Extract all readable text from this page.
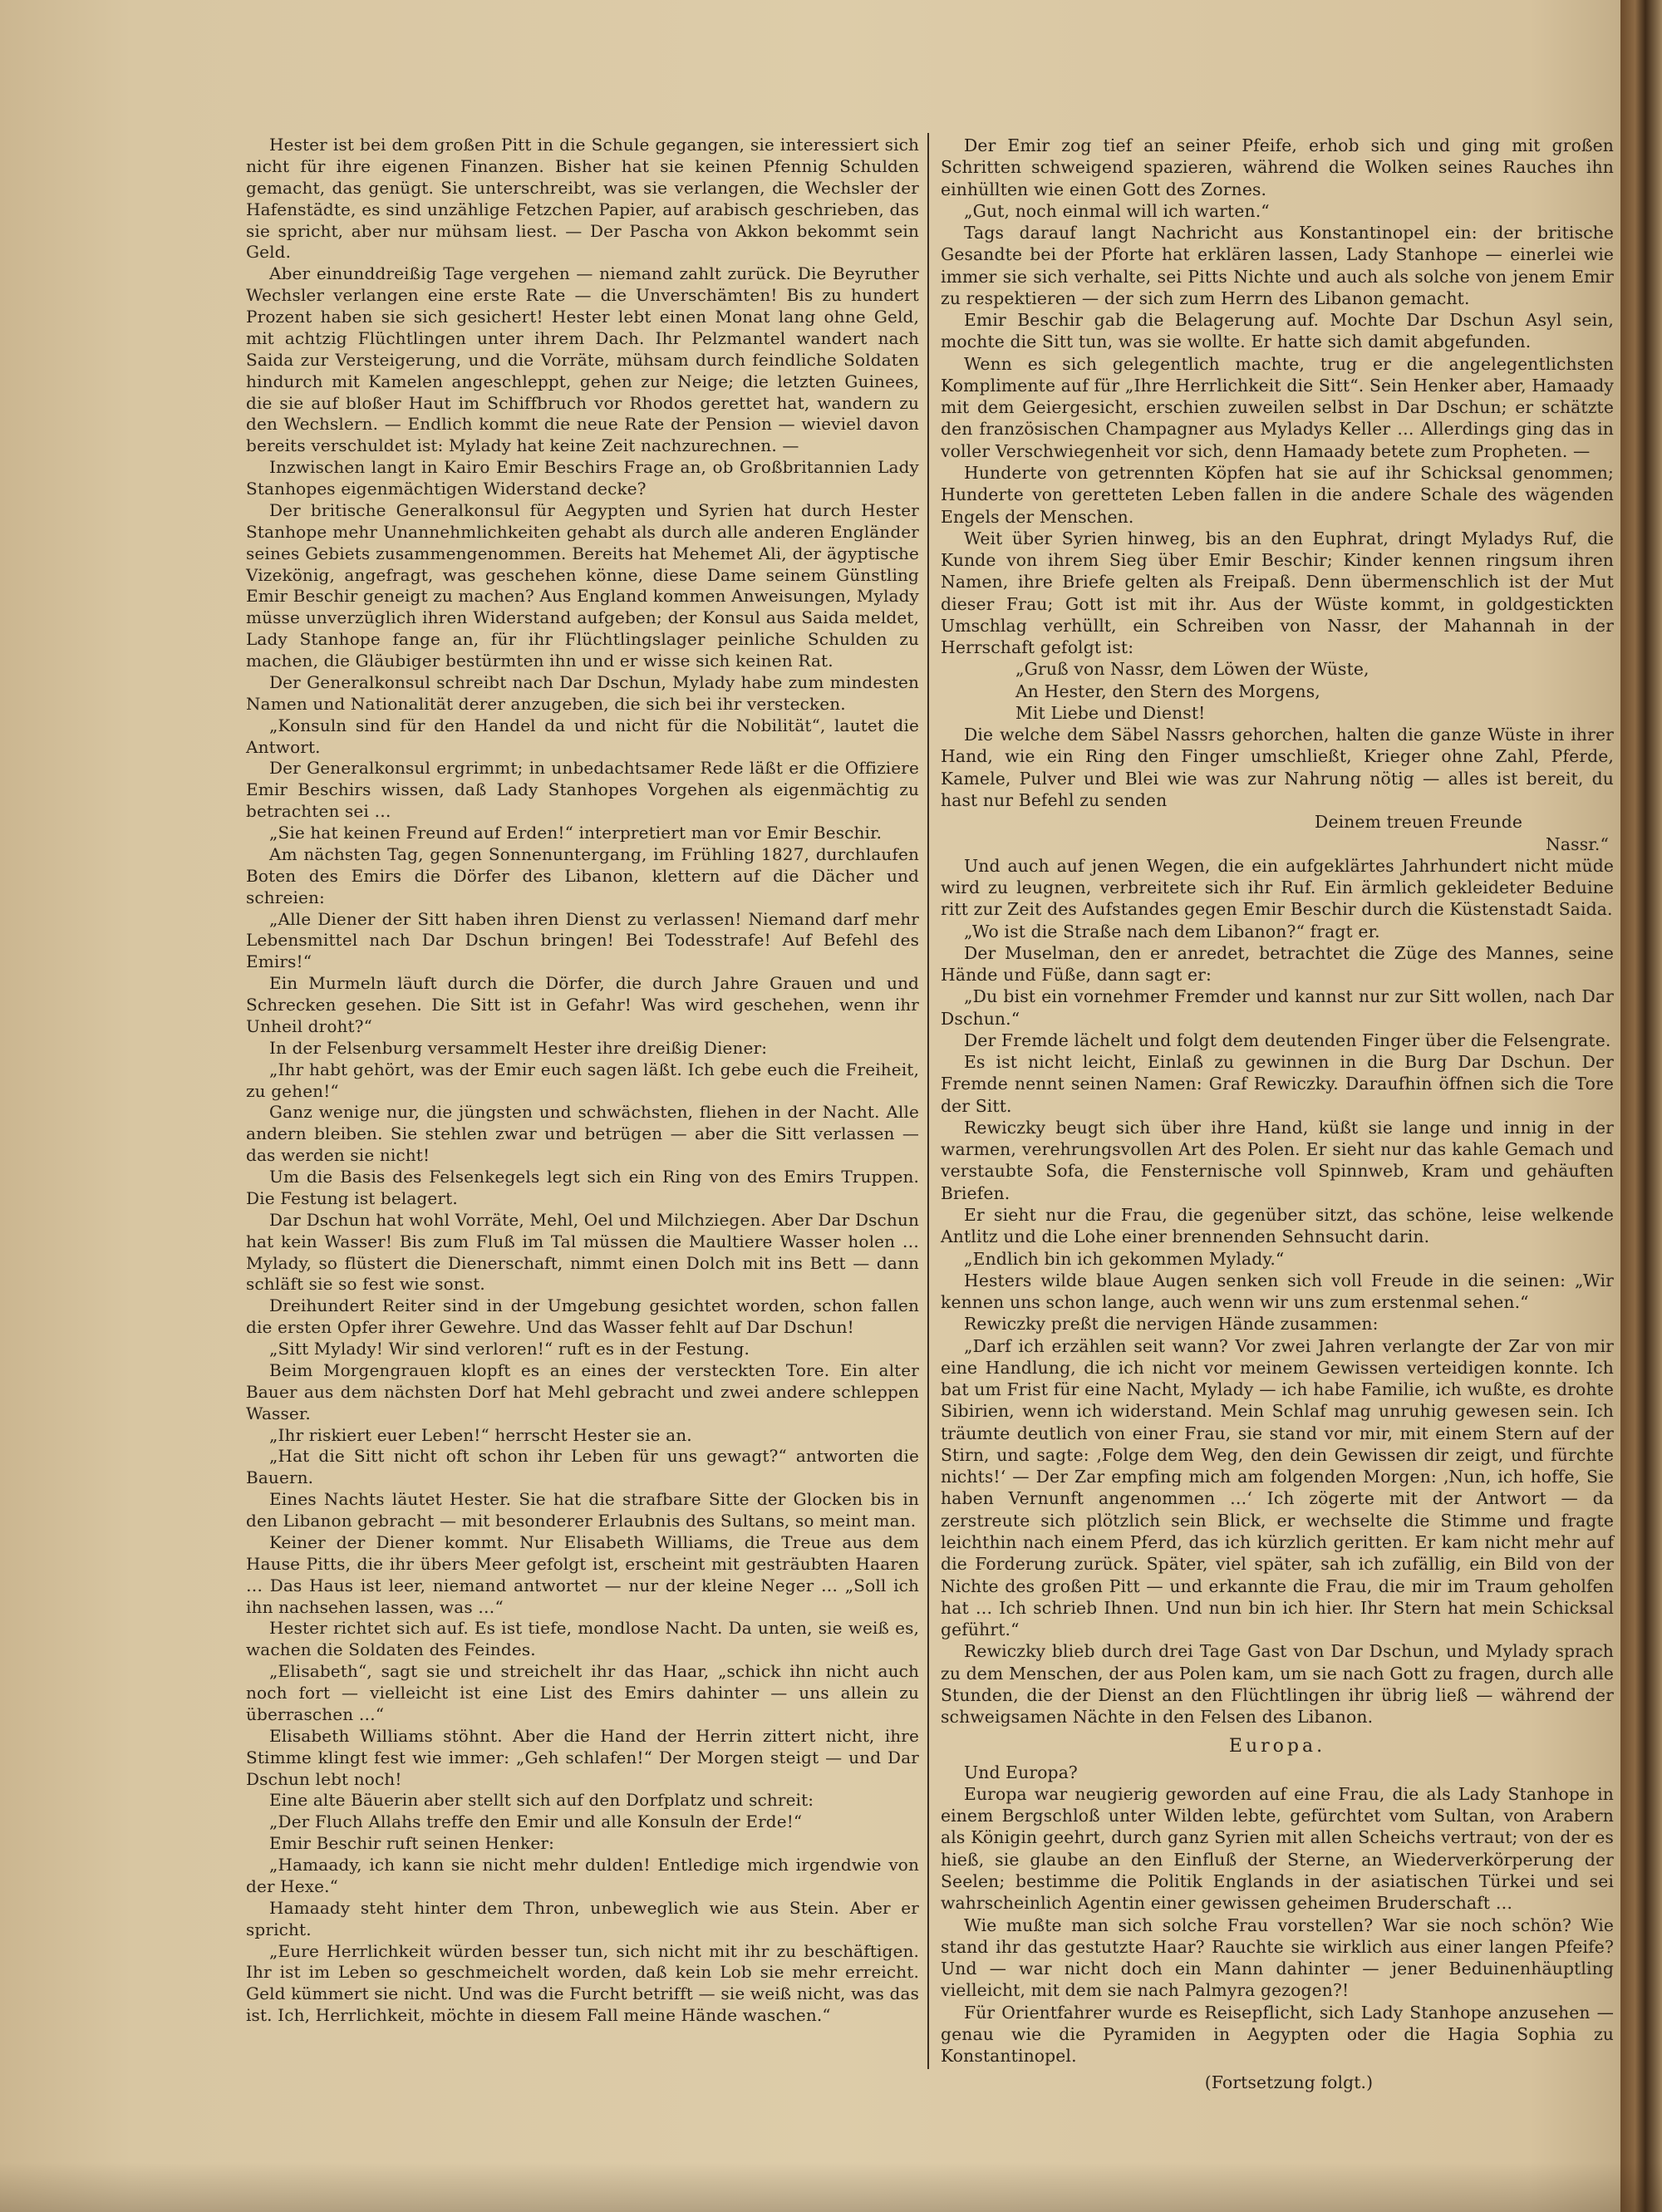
Hester ist bei dem großen Pitt in die Schule gegangen, sie interessiert sich nicht für ihre eigenen Finanzen. Bisher hat sie keinen Pfennig Schulden gemacht, das genügt. Sie unterschreibt, was sie verlangen, die Wechsler der Hafenstädte, es sind unzählige Fetzchen Papier, auf arabisch geschrieben, das sie spricht, aber nur mühsam liest. — Der Pascha von Akkon bekommt sein Geld.

Aber einunddreißig Tage vergehen — niemand zahlt zurück. Die Beyruther Wechsler verlangen eine erste Rate — die Unverschämten! Bis zu hundert Prozent haben sie sich gesichert! Hester lebt einen Monat lang ohne Geld, mit achtzig Flüchtlingen unter ihrem Dach. Ihr Pelzmantel wandert nach Saida zur Versteigerung, und die Vorräte, mühsam durch feindliche Soldaten hindurch mit Kamelen angeschleppt, gehen zur Neige; die letzten Guinees, die sie auf bloßer Haut im Schiffbruch vor Rhodos gerettet hat, wandern zu den Wechslern. — Endlich kommt die neue Rate der Pension — wieviel davon bereits verschuldet ist: Mylady hat keine Zeit nachzurechnen. —

Inzwischen langt in Kairo Emir Beschirs Frage an, ob Großbritannien Lady Stanhopes eigenmächtigen Widerstand decke?

Der britische Generalkonsul für Aegypten und Syrien hat durch Hester Stanhope mehr Unannehmlichkeiten gehabt als durch alle anderen Engländer seines Gebiets zusammengenommen. Bereits hat Mehemet Ali, der ägyptische Vizekönig, angefragt, was geschehen könne, diese Dame seinem Günstling Emir Beschir geneigt zu machen? Aus England kommen Anweisungen, Mylady müsse unverzüglich ihren Widerstand aufgeben; der Konsul aus Saida meldet, Lady Stanhope fange an, für ihr Flüchtlingslager peinliche Schulden zu machen, die Gläubiger bestürmten ihn und er wisse sich keinen Rat.

Der Generalkonsul schreibt nach Dar Dschun, Mylady habe zum mindesten Namen und Nationalität derer anzugeben, die sich bei ihr verstecken.

„Konsuln sind für den Handel da und nicht für die Nobilität“, lautet die Antwort.

Der Generalkonsul ergrimmt; in unbedachtsamer Rede läßt er die Offiziere Emir Beschirs wissen, daß Lady Stanhopes Vorgehen als eigenmächtig zu betrachten sei …

„Sie hat keinen Freund auf Erden!“ interpretiert man vor Emir Beschir.

Am nächsten Tag, gegen Sonnenuntergang, im Frühling 1827, durchlaufen Boten des Emirs die Dörfer des Libanon, klettern auf die Dächer und schreien:

„Alle Diener der Sitt haben ihren Dienst zu verlassen! Niemand darf mehr Lebensmittel nach Dar Dschun bringen! Bei Todesstrafe! Auf Befehl des Emirs!“

Ein Murmeln läuft durch die Dörfer, die durch Jahre Grauen und und Schrecken gesehen. Die Sitt ist in Gefahr! Was wird geschehen, wenn ihr Unheil droht?“

In der Felsenburg versammelt Hester ihre dreißig Diener:

„Ihr habt gehört, was der Emir euch sagen läßt. Ich gebe euch die Freiheit, zu gehen!“

Ganz wenige nur, die jüngsten und schwächsten, fliehen in der Nacht. Alle andern bleiben. Sie stehlen zwar und betrügen — aber die Sitt verlassen — das werden sie nicht!

Um die Basis des Felsenkegels legt sich ein Ring von des Emirs Truppen. Die Festung ist belagert.

Dar Dschun hat wohl Vorräte, Mehl, Oel und Milchziegen. Aber Dar Dschun hat kein Wasser! Bis zum Fluß im Tal müssen die Maultiere Wasser holen … Mylady, so flüstert die Dienerschaft, nimmt einen Dolch mit ins Bett — dann schläft sie so fest wie sonst.

Dreihundert Reiter sind in der Umgebung gesichtet worden, schon fallen die ersten Opfer ihrer Gewehre. Und das Wasser fehlt auf Dar Dschun!

„Sitt Mylady! Wir sind verloren!“ ruft es in der Festung.

Beim Morgengrauen klopft es an eines der versteckten Tore. Ein alter Bauer aus dem nächsten Dorf hat Mehl gebracht und zwei andere schleppen Wasser.

„Ihr riskiert euer Leben!“ herrscht Hester sie an.

„Hat die Sitt nicht oft schon ihr Leben für uns gewagt?“ antworten die Bauern.

Eines Nachts läutet Hester. Sie hat die strafbare Sitte der Glocken bis in den Libanon gebracht — mit besonderer Erlaubnis des Sultans, so meint man.

Keiner der Diener kommt. Nur Elisabeth Williams, die Treue aus dem Hause Pitts, die ihr übers Meer gefolgt ist, erscheint mit gesträubten Haaren … Das Haus ist leer, niemand antwortet — nur der kleine Neger … „Soll ich ihn nachsehen lassen, was …“

Hester richtet sich auf. Es ist tiefe, mondlose Nacht. Da unten, sie weiß es, wachen die Soldaten des Feindes.

„Elisabeth“, sagt sie und streichelt ihr das Haar, „schick ihn nicht auch noch fort — vielleicht ist eine List des Emirs dahinter — uns allein zu überraschen …“

Elisabeth Williams stöhnt. Aber die Hand der Herrin zittert nicht, ihre Stimme klingt fest wie immer: „Geh schlafen!“ Der Morgen steigt — und Dar Dschun lebt noch!

Eine alte Bäuerin aber stellt sich auf den Dorfplatz und schreit:

„Der Fluch Allahs treffe den Emir und alle Konsuln der Erde!“

Emir Beschir ruft seinen Henker:

„Hamaady, ich kann sie nicht mehr dulden! Entledige mich irgendwie von der Hexe.“

Hamaady steht hinter dem Thron, unbeweglich wie aus Stein. Aber er spricht.

„Eure Herrlichkeit würden besser tun, sich nicht mit ihr zu beschäftigen. Ihr ist im Leben so geschmeichelt worden, daß kein Lob sie mehr erreicht. Geld kümmert sie nicht. Und was die Furcht betrifft — sie weiß nicht, was das ist. Ich, Herrlichkeit, möchte in diesem Fall meine Hände waschen.“

Der Emir zog tief an seiner Pfeife, erhob sich und ging mit großen Schritten schweigend spazieren, während die Wolken seines Rauches ihn einhüllten wie einen Gott des Zornes.

„Gut, noch einmal will ich warten.“

Tags darauf langt Nachricht aus Konstantinopel ein: der britische Gesandte bei der Pforte hat erklären lassen, Lady Stanhope — einerlei wie immer sie sich verhalte, sei Pitts Nichte und auch als solche von jenem Emir zu respektieren — der sich zum Herrn des Libanon gemacht.

Emir Beschir gab die Belagerung auf. Mochte Dar Dschun Asyl sein, mochte die Sitt tun, was sie wollte. Er hatte sich damit abgefunden.

Wenn es sich gelegentlich machte, trug er die angelegentlichsten Komplimente auf für „Ihre Herrlichkeit die Sitt“. Sein Henker aber, Hamaady mit dem Geiergesicht, erschien zuweilen selbst in Dar Dschun; er schätzte den französischen Champagner aus Myladys Keller … Allerdings ging das in voller Verschwiegenheit vor sich, denn Hamaady betete zum Propheten. —

Hunderte von getrennten Köpfen hat sie auf ihr Schicksal genommen; Hunderte von geretteten Leben fallen in die andere Schale des wägenden Engels der Menschen.

Weit über Syrien hinweg, bis an den Euphrat, dringt Myladys Ruf, die Kunde von ihrem Sieg über Emir Beschir; Kinder kennen ringsum ihren Namen, ihre Briefe gelten als Freipaß. Denn übermenschlich ist der Mut dieser Frau; Gott ist mit ihr. Aus der Wüste kommt, in goldgestickten Umschlag verhüllt, ein Schreiben von Nassr, der Mahannah in der Herrschaft gefolgt ist:

„Gruß von Nassr, dem Löwen der Wüste,

An Hester, den Stern des Morgens,

Mit Liebe und Dienst!

Die welche dem Säbel Nassrs gehorchen, halten die ganze Wüste in ihrer Hand, wie ein Ring den Finger umschließt, Krieger ohne Zahl, Pferde, Kamele, Pulver und Blei wie was zur Nahrung nötig — alles ist bereit, du hast nur Befehl zu senden

Deinem treuen Freunde

Nassr.“

Und auch auf jenen Wegen, die ein aufgeklärtes Jahrhundert nicht müde wird zu leugnen, verbreitete sich ihr Ruf. Ein ärmlich gekleideter Beduine ritt zur Zeit des Aufstandes gegen Emir Beschir durch die Küstenstadt Saida.

„Wo ist die Straße nach dem Libanon?“ fragt er.

Der Muselman, den er anredet, betrachtet die Züge des Mannes, seine Hände und Füße, dann sagt er:

„Du bist ein vornehmer Fremder und kannst nur zur Sitt wollen, nach Dar Dschun.“

Der Fremde lächelt und folgt dem deutenden Finger über die Felsengrate.

Es ist nicht leicht, Einlaß zu gewinnen in die Burg Dar Dschun. Der Fremde nennt seinen Namen: Graf Rewiczky. Daraufhin öffnen sich die Tore der Sitt.

Rewiczky beugt sich über ihre Hand, küßt sie lange und innig in der warmen, verehrungsvollen Art des Polen. Er sieht nur das kahle Gemach und verstaubte Sofa, die Fensternische voll Spinnweb, Kram und gehäuften Briefen.

Er sieht nur die Frau, die gegenüber sitzt, das schöne, leise welkende Antlitz und die Lohe einer brennenden Sehnsucht darin.

„Endlich bin ich gekommen Mylady.“

Hesters wilde blaue Augen senken sich voll Freude in die seinen: „Wir kennen uns schon lange, auch wenn wir uns zum erstenmal sehen.“

Rewiczky preßt die nervigen Hände zusammen:

„Darf ich erzählen seit wann? Vor zwei Jahren verlangte der Zar von mir eine Handlung, die ich nicht vor meinem Gewissen verteidigen konnte. Ich bat um Frist für eine Nacht, Mylady — ich habe Familie, ich wußte, es drohte Sibirien, wenn ich widerstand. Mein Schlaf mag unruhig gewesen sein. Ich träumte deutlich von einer Frau, sie stand vor mir, mit einem Stern auf der Stirn, und sagte: ‚Folge dem Weg, den dein Gewissen dir zeigt, und fürchte nichts!‘ — Der Zar empfing mich am folgenden Morgen: ‚Nun, ich hoffe, Sie haben Vernunft angenommen …‘ Ich zögerte mit der Antwort — da zerstreute sich plötzlich sein Blick, er wechselte die Stimme und fragte leichthin nach einem Pferd, das ich kürzlich geritten. Er kam nicht mehr auf die Forderung zurück. Später, viel später, sah ich zufällig, ein Bild von der Nichte des großen Pitt — und erkannte die Frau, die mir im Traum geholfen hat … Ich schrieb Ihnen. Und nun bin ich hier. Ihr Stern hat mein Schicksal geführt.“

Rewiczky blieb durch drei Tage Gast von Dar Dschun, und Mylady sprach zu dem Menschen, der aus Polen kam, um sie nach Gott zu fragen, durch alle Stunden, die der Dienst an den Flüchtlingen ihr übrig ließ — während der schweigsamen Nächte in den Felsen des Libanon.

Europa.

Und Europa?

Europa war neugierig geworden auf eine Frau, die als Lady Stanhope in einem Bergschloß unter Wilden lebte, gefürchtet vom Sultan, von Arabern als Königin geehrt, durch ganz Syrien mit allen Scheichs vertraut; von der es hieß, sie glaube an den Einfluß der Sterne, an Wiederverkörperung der Seelen; bestimme die Politik Englands in der asiatischen Türkei und sei wahrscheinlich Agentin einer gewissen geheimen Bruderschaft …

Wie mußte man sich solche Frau vorstellen? War sie noch schön? Wie stand ihr das gestutzte Haar? Rauchte sie wirklich aus einer langen Pfeife? Und — war nicht doch ein Mann dahinter — jener Beduinenhäuptling vielleicht, mit dem sie nach Palmyra gezogen?!

Für Orientfahrer wurde es Reisepflicht, sich Lady Stanhope anzusehen — genau wie die Pyramiden in Aegypten oder die Hagia Sophia zu Konstantinopel.

(Fortsetzung folgt.)
